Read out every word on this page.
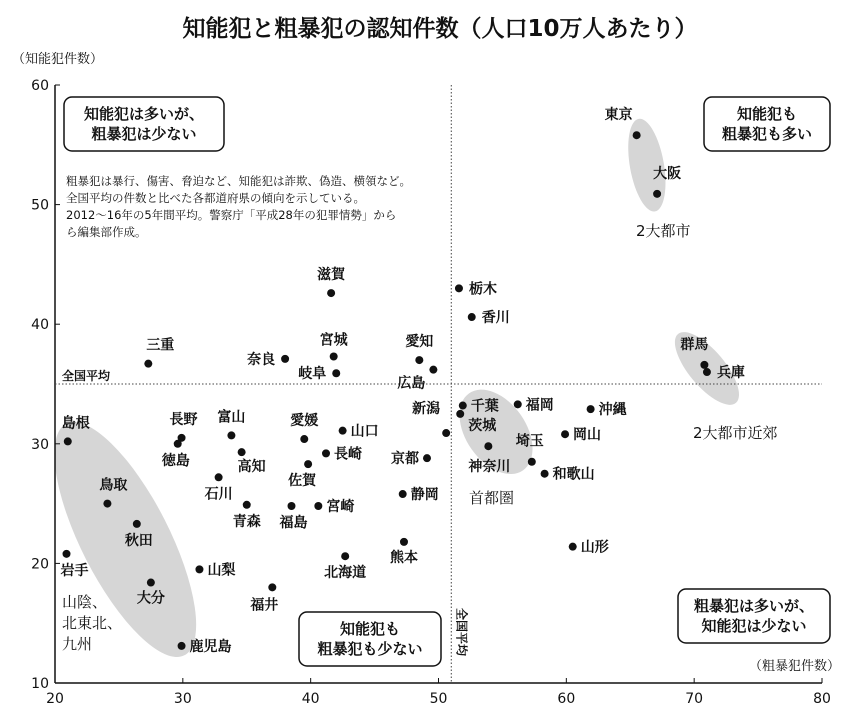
知能犯と粗暴犯の認知件数（人口10万人あたり）
（知能犯件数）
（粗暴犯件数）
2大都市
2大都市近郊
首都圏
山陰、
北東北、
九州
20	30	40	50	60	70	80
10
20
30
40
50
60
全国平均
全国平均
東京
大阪
滋賀
栃木
香川
三重
奈良
宮城
岐阜
愛知
広島
群馬
兵庫
島根	長野
徳島
富山	愛媛
山口
新潟 千葉
茨城
福岡	沖縄
神奈川
埼玉 岡山
和歌山
高知
長崎 京都
佐賀
石川	静岡
宮崎
青森 福島
鳥取
秋田
熊本
山形
岩手	北海道
山梨
大分	福井
鹿児島
知能犯は多いが、
粗暴犯は少ない
知能犯も
粗暴犯も多い
知能犯も
粗暴犯も少ない
粗暴犯は多いが、
知能犯は少ない
粗暴犯は暴行、傷害、脅迫など、知能犯は詐欺、偽造、横領など。
全国平均の件数と比べた各都道府県の傾向を示している。
2012〜16年の5年間平均。警察庁「平成28年の犯罪情勢」から
ら編集部作成。
